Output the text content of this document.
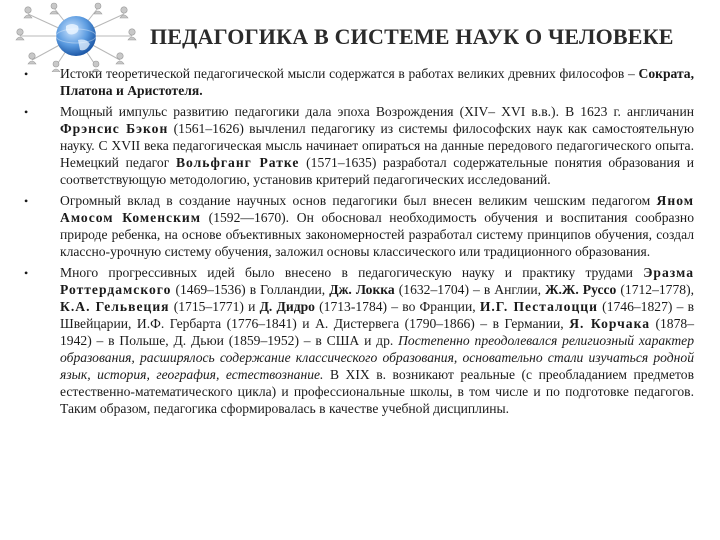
ПЕДАГОГИКА В СИСТЕМЕ НАУК О ЧЕЛОВЕКЕ
• Истоки теоретической педагогической мысли содержатся в работах великих древних философов – Сократа, Платона и Аристотеля.
• Мощный импульс развитию педагогики дала эпоха Возрождения (XIV– XVI в.в.). В 1623 г. англичанин Фрэнсис Бэкон (1561–1626) вычленил педагогику из системы философских наук как самостоятельную науку. С XVII века педагогическая мысль начинает опираться на данные передового педагогического опыта. Немецкий педагог Вольфганг Ратке (1571–1635) разработал содержательные понятия образования и соответствующую методологию, установив критерий педагогических исследований.
• Огромный вклад в создание научных основ педагогики был внесен великим чешским педагогом Яном Амосом Коменским (1592—1670). Он обосновал необходимость обучения и воспитания сообразно природе ребенка, на основе объективных закономерностей разработал систему принципов обучения, создал классно-урочную систему обучения, заложил основы классического или традиционного образования.
• Много прогрессивных идей было внесено в педагогическую науку и практику трудами Эразма Роттердамского (1469–1536) в Голландии, Дж. Локка (1632–1704) – в Англии, Ж.Ж. Руссо (1712–1778), К.А. Гельвеция (1715–1771) и Д. Дидро (1713-1784) – во Франции, И.Г. Песталоцци (1746–1827) – в Швейцарии, И.Ф. Гербарта (1776–1841) и А. Дистервега (1790–1866) – в Германии, Я. Корчака (1878–1942) – в Польше, Д. Дьюи (1859–1952) – в США и др. Постепенно преодолевался религиозный характер образования, расширялось содержание классического образования, основательно стали изучаться родной язык, история, география, естествознание. В XIX в. возникают реальные (с преобладанием предметов естественно-математического цикла) и профессиональные школы, в том числе и по подготовке педагогов. Таким образом, педагогика сформировалась в качестве учебной дисциплины.
